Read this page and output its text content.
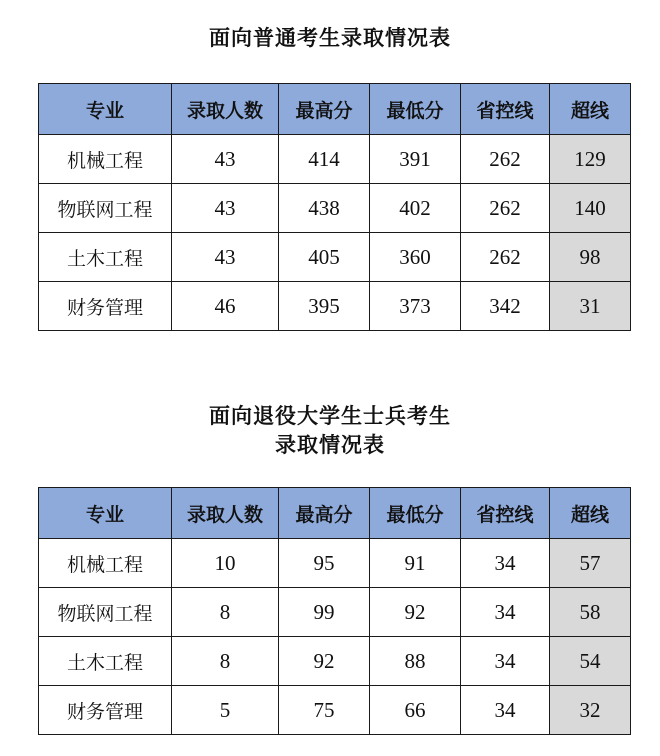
面向普通考生录取情况表
专业	录取人数	最高分	最低分	省控线	超线
机械工程	43	414	391	262	129
物联网工程	43	438	402	262	140
土木工程	43	405	360	262	98
财务管理	46	395	373	342	31
面向退役大学生士兵考生
录取情况表
专业	录取人数	最高分	最低分	省控线	超线
机械工程	10	95	91	34	57
物联网工程	8	99	92	34	58
土木工程	8	92	88	34	54
财务管理	5	75	66	34	32
